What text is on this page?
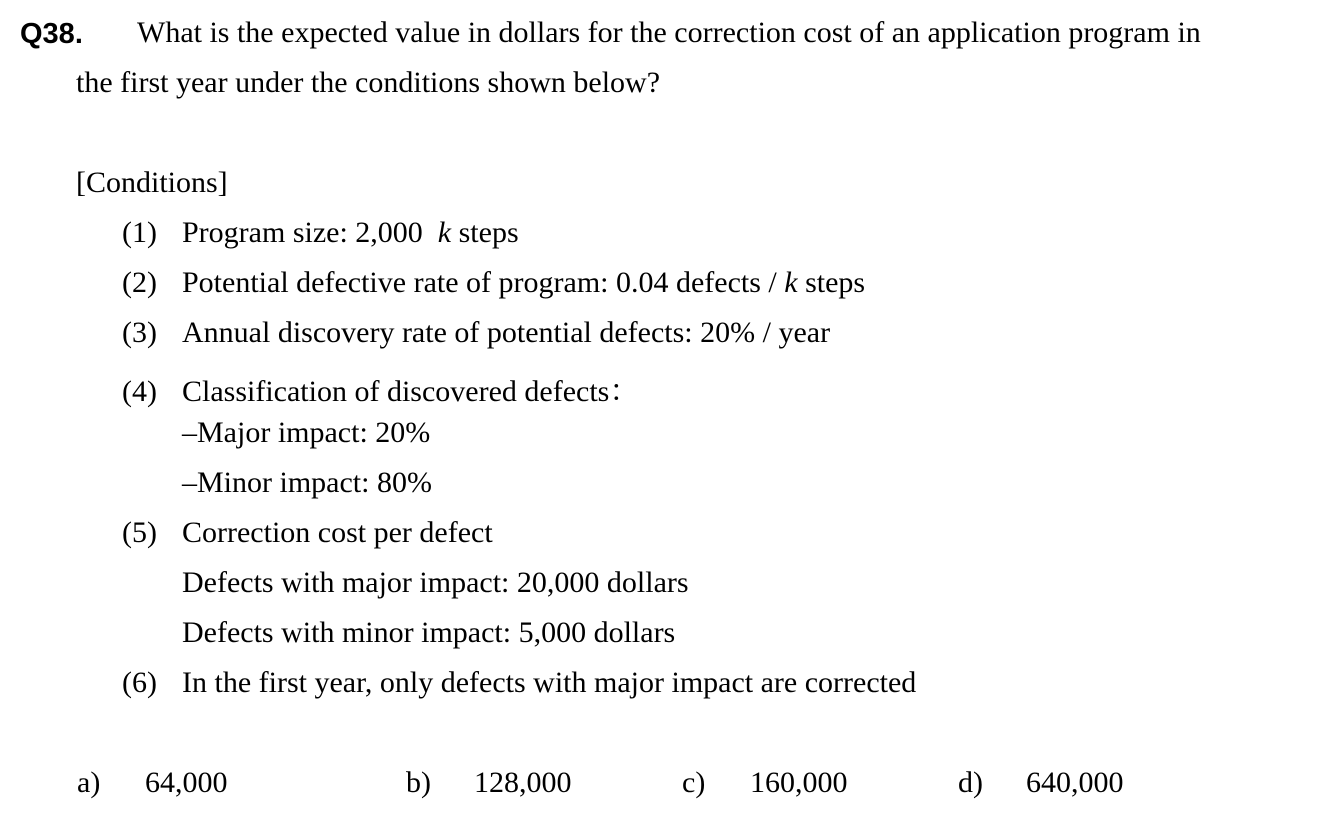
Q38. What is the expected value in dollars for the correction cost of an application program in
the first year under the conditions shown below?
[Conditions]
(1) Program size: 2,000  k steps
(2) Potential defective rate of program: 0.04 defects / k steps
(3) Annual discovery rate of potential defects: 20% / year
(4) Classification of discovered defects：
–Major impact: 20%
–Minor impact: 80%
(5) Correction cost per defect
Defects with major impact: 20,000 dollars
Defects with minor impact: 5,000 dollars
(6) In the first year, only defects with major impact are corrected
a) 64,000	b) 128,000	c) 160,000	d) 640,000
